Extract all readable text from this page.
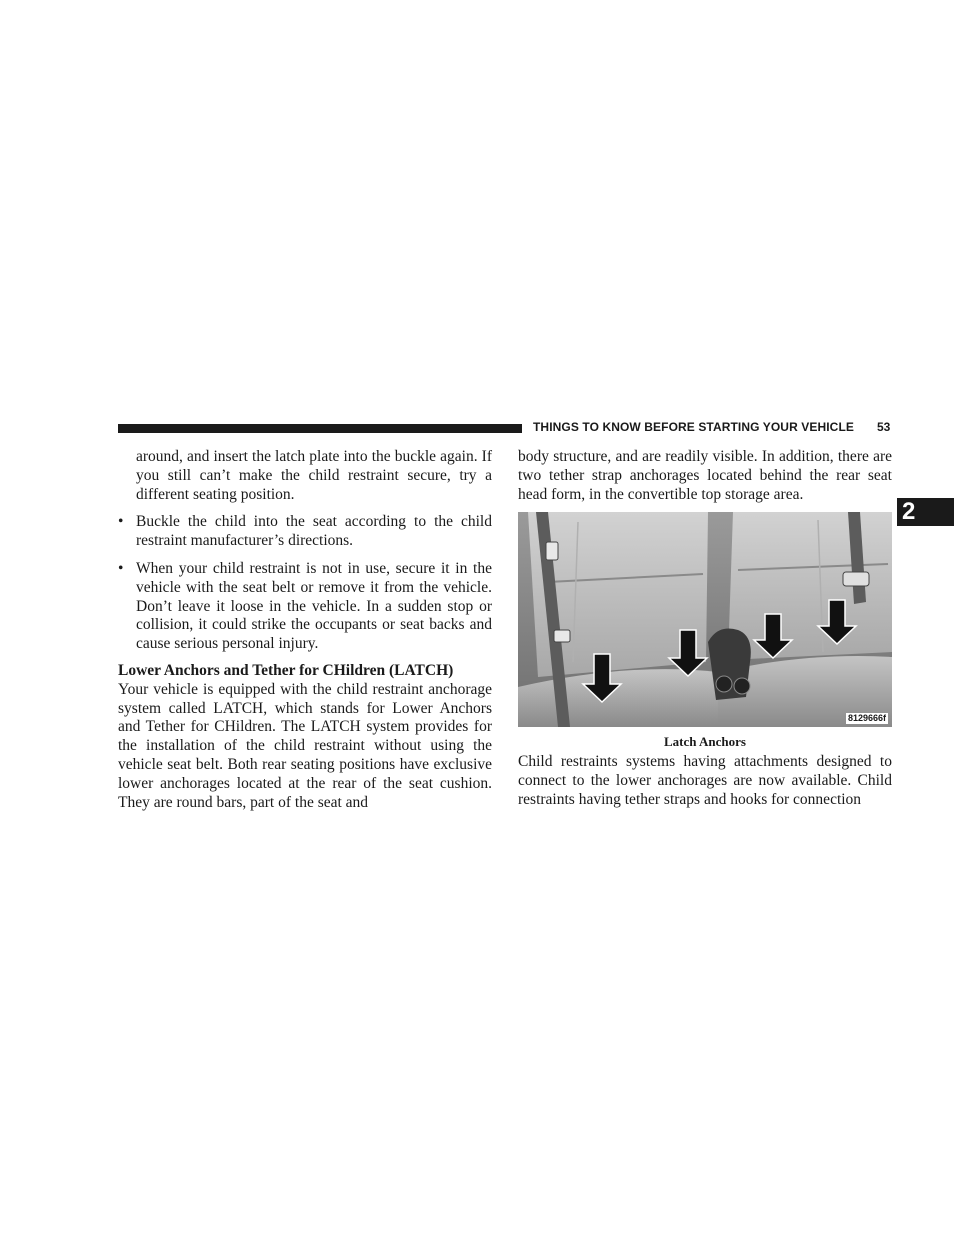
THINGS TO KNOW BEFORE STARTING YOUR VEHICLE 53
2

around, and insert the latch plate into the buckle again. If you still can’t make the child restraint secure, try a different seating position.

• Buckle the child into the seat according to the child restraint manufacturer’s directions.

• When your child restraint is not in use, secure it in the vehicle with the seat belt or remove it from the vehicle. Don’t leave it loose in the vehicle. In a sudden stop or collision, it could strike the occupants or seat backs and cause serious personal injury.

Lower Anchors and Tether for CHildren (LATCH)

Your vehicle is equipped with the child restraint anchorage system called LATCH, which stands for Lower Anchors and Tether for CHildren. The LATCH system provides for the installation of the child restraint without using the vehicle seat belt. Both rear seating positions have exclusive lower anchorages located at the rear of the seat cushion. They are round bars, part of the seat and

body structure, and are readily visible. In addition, there are two tether strap anchorages located behind the rear seat head form, in the convertible top storage area.

8129666f

Latch Anchors

Child restraints systems having attachments designed to connect to the lower anchorages are now available. Child restraints having tether straps and hooks for connection
